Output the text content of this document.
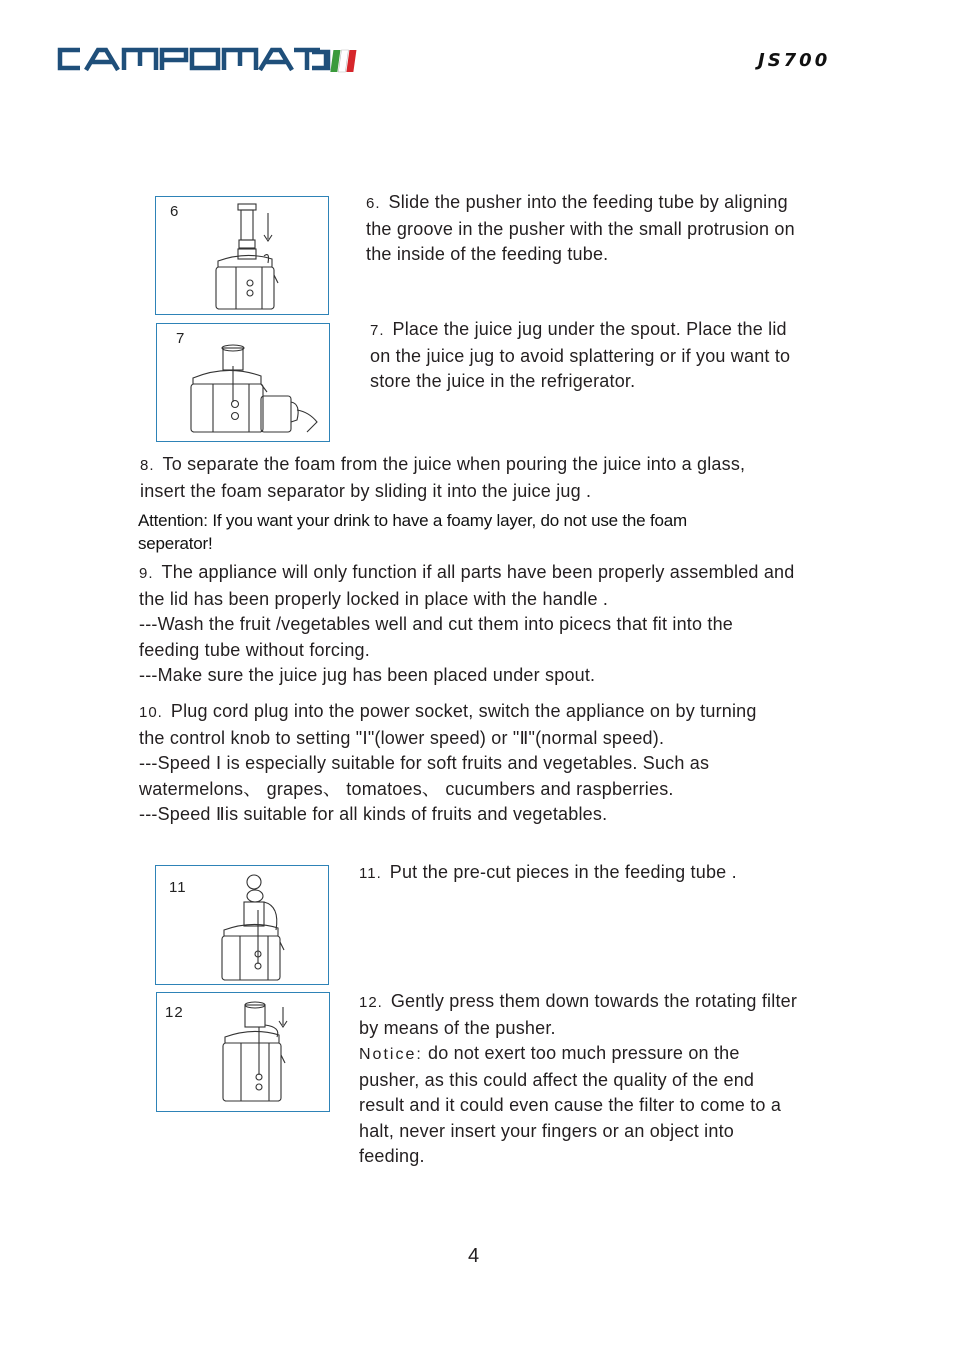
JS700
6
7

6. Slide the pusher into the feeding tube by aligning the groove in the pusher with the small protrusion on the inside of the feeding tube.

7. Place the juice jug under the spout. Place the lid on the juice jug to avoid splattering or if you want to store the juice in the refrigerator.

8. To separate the foam from the juice when pouring the juice into a glass, insert the foam separator by sliding it into the juice jug .

Attention: If you want your drink to have a foamy layer, do not use the foam seperator!

9. The appliance will only function if all parts have been properly assembled and the lid has been properly locked in place with the handle .

---Wash the fruit /vegetables well and cut them into picecs that fit into the feeding tube without forcing.

---Make sure the juice jug has been placed under spout.

10. Plug cord plug into the power socket, switch the appliance on by turning the control knob to setting "Ⅰ"(lower speed) or "Ⅱ"(normal speed).

---Speed Ⅰ is especially suitable for soft fruits and vegetables. Such as watermelons、 grapes、 tomatoes、 cucumbers and raspberries.

---Speed Ⅱis suitable for all kinds of fruits and vegetables.

11
12

11. Put the pre-cut pieces in the feeding tube .

12. Gently press them down towards the rotating filter by means of the pusher.

Notice: do not exert too much pressure on the pusher, as this could affect the quality of the end result and it could even cause the filter to come to a halt, never insert your fingers or an object into feeding.

4
